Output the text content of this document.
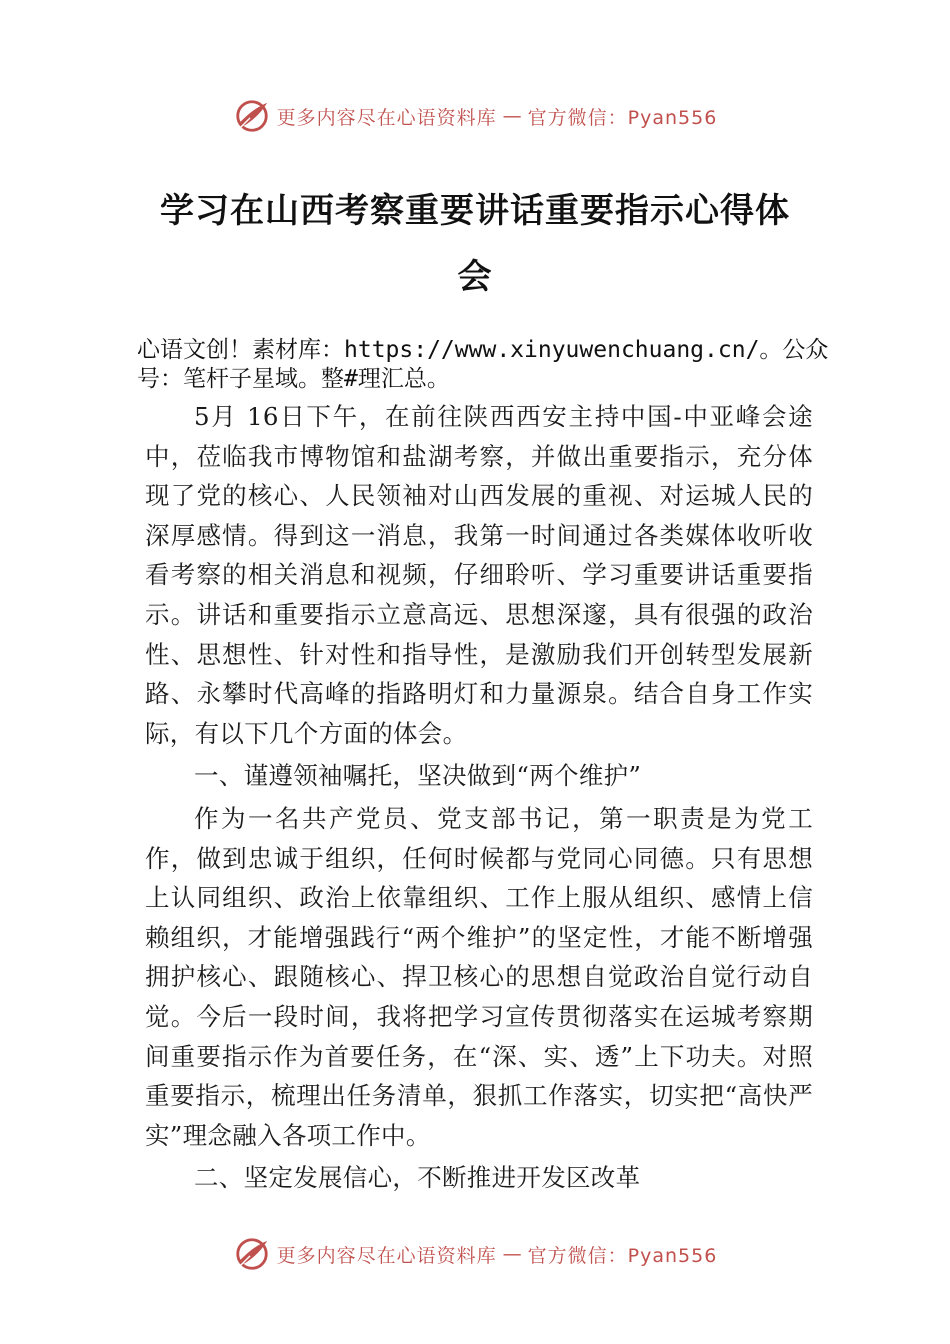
更多内容尽在心语资料库 — 官方微信：Pyan556
学习在山西考察重要讲话重要指示心得体会

心语文创！素材库：https://www.xinyuwenchuang.cn/。公众号：笔杆子星域。整#理汇总。

5月 16日下午，在前往陕西西安主持中国-中亚峰会途中，莅临我市博物馆和盐湖考察，并做出重要指示，充分体现了党的核心、人民领袖对山西发展的重视、对运城人民的深厚感情。得到这一消息，我第一时间通过各类媒体收听收看考察的相关消息和视频，仔细聆听、学习重要讲话重要指示。讲话和重要指示立意高远、思想深邃，具有很强的政治性、思想性、针对性和指导性，是激励我们开创转型发展新路、永攀时代高峰的指路明灯和力量源泉。结合自身工作实际，有以下几个方面的体会。

一、谨遵领袖嘱托，坚决做到“两个维护”

作为一名共产党员、党支部书记，第一职责是为党工作，做到忠诚于组织，任何时候都与党同心同德。只有思想上认同组织、政治上依靠组织、工作上服从组织、感情上信赖组织，才能增强践行“两个维护”的坚定性，才能不断增强拥护核心、跟随核心、捍卫核心的思想自觉政治自觉行动自觉。今后一段时间，我将把学习宣传贯彻落实在运城考察期间重要指示作为首要任务，在“深、实、透”上下功夫。对照重要指示，梳理出任务清单，狠抓工作落实，切实把“高快严实”理念融入各项工作中。

二、坚定发展信心，不断推进开发区改革

更多内容尽在心语资料库 — 官方微信：Pyan556
